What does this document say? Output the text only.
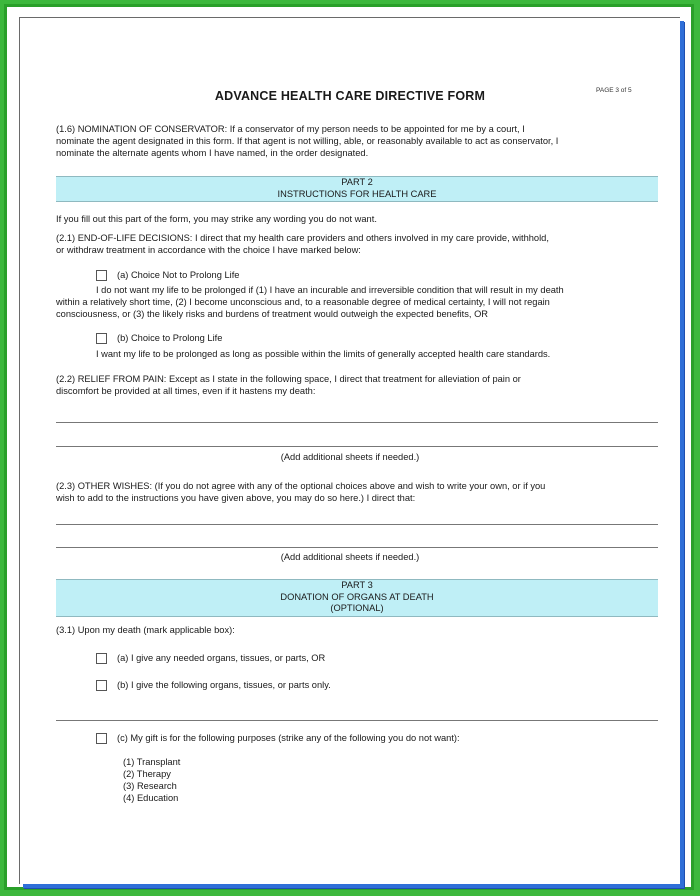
ADVANCE HEALTH CARE DIRECTIVE FORM	PAGE 3 of 5

(1.6) NOMINATION OF CONSERVATOR: If a conservator of my person needs to be appointed for me by a court, I

nominate the agent designated in this form. If that agent is not willing, able, or reasonably available to act as conservator, I

nominate the alternate agents whom I have named, in the order designated.

PART 2
INSTRUCTIONS FOR HEALTH CARE

If you fill out this part of the form, you may strike any wording you do not want.

(2.1) END-OF-LIFE DECISIONS: I direct that my health care providers and others involved in my care provide, withhold,

or withdraw treatment in accordance with the choice I have marked below:

(a) Choice Not to Prolong Life

I do not want my life to be prolonged if (1) I have an incurable and irreversible condition that will result in my death

within a relatively short time, (2) I become unconscious and, to a reasonable degree of medical certainty, I will not regain

consciousness, or (3) the likely risks and burdens of treatment would outweigh the expected benefits, OR

(b) Choice to Prolong Life

I want my life to be prolonged as long as possible within the limits of generally accepted health care standards.

(2.2) RELIEF FROM PAIN: Except as I state in the following space, I direct that treatment for alleviation of pain or

discomfort be provided at all times, even if it hastens my death:

(Add additional sheets if needed.)

(2.3) OTHER WISHES: (If you do not agree with any of the optional choices above and wish to write your own, or if you

wish to add to the instructions you have given above, you may do so here.) I direct that:

(Add additional sheets if needed.)

PART 3
DONATION OF ORGANS AT DEATH
(OPTIONAL)

(3.1) Upon my death (mark applicable box):

(a) I give any needed organs, tissues, or parts, OR

(b) I give the following organs, tissues, or parts only.

(c) My gift is for the following purposes (strike any of the following you do not want):

(1) Transplant

(2) Therapy

(3) Research

(4) Education
